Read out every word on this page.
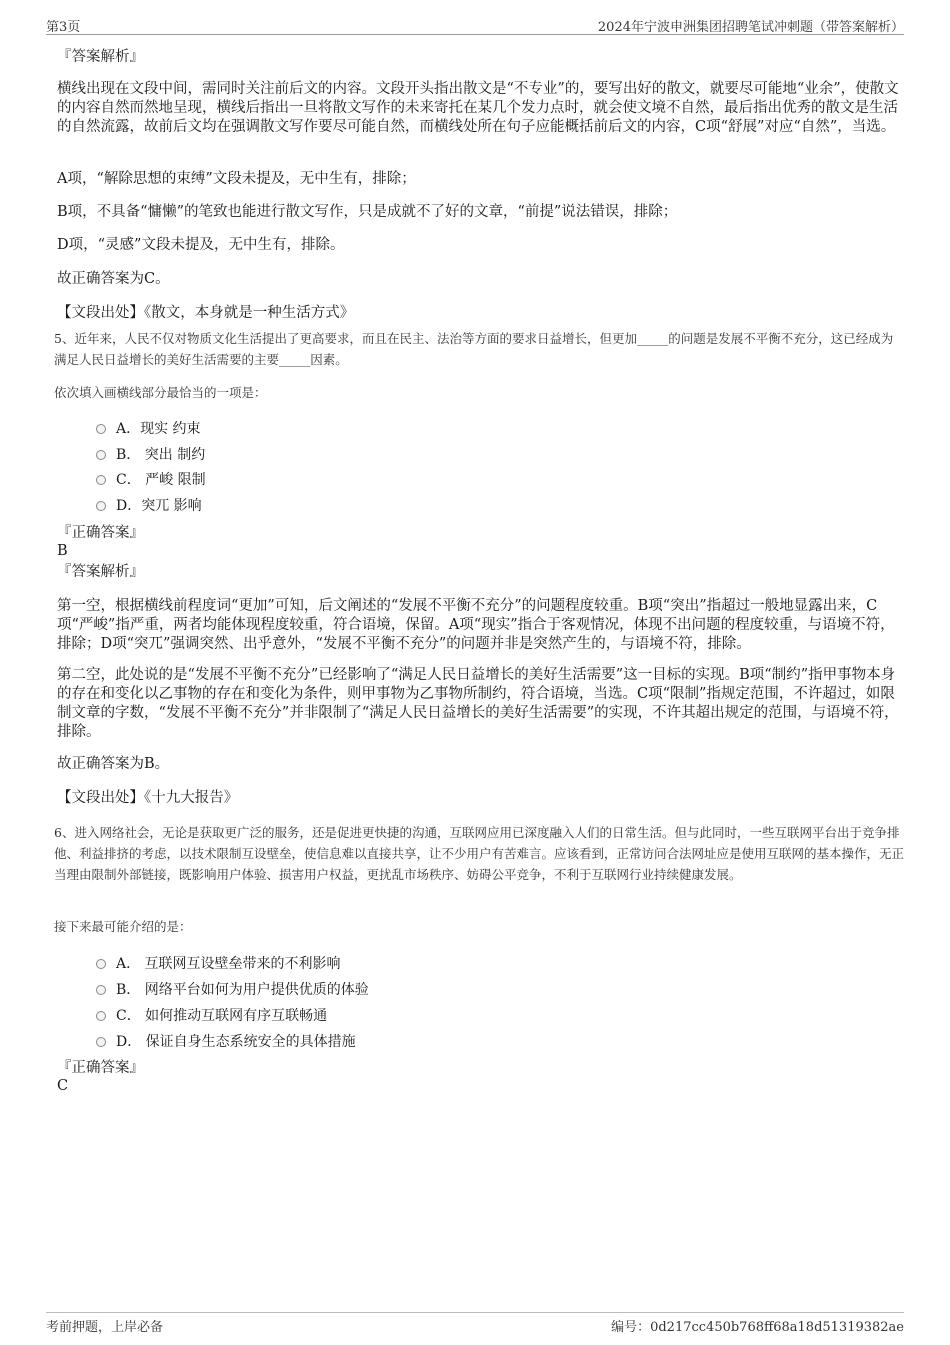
第3页	2024年宁波申洲集团招聘笔试冲刺题（带答案解析）
『答案解析』
横线出现在文段中间，需同时关注前后文的内容。文段开头指出散文是“不专业”的，要写出好的散文，就要尽可能地“业余”，使散文的内容自然而然地呈现，横线后指出一旦将散文写作的未来寄托在某几个发力点时，就会使文境不自然，最后指出优秀的散文是生活的自然流露，故前后文均在强调散文写作要尽可能自然，而横线处所在句子应能概括前后文的内容，C项“舒展”对应“自然”，当选。
A项，“解除思想的束缚”文段未提及，无中生有，排除；
B项，不具备“慵懒”的笔致也能进行散文写作，只是成就不了好的文章，“前提”说法错误，排除；
D项，“灵感”文段未提及，无中生有，排除。
故正确答案为C。
【文段出处】《散文，本身就是一种生活方式》
5、近年来，人民不仅对物质文化生活提出了更高要求，而且在民主、法治等方面的要求日益增长，但更加_____的问题是发展不平衡不充分，这已经成为满足人民日益增长的美好生活需要的主要_____因素。
依次填入画横线部分最恰当的一项是：
A．现实 约束
B． 突出 制约
C． 严峻 限制
D．突兀 影响
『正确答案』
B
『答案解析』
第一空，根据横线前程度词“更加”可知，后文阐述的“发展不平衡不充分”的问题程度较重。B项“突出”指超过一般地显露出来，C项“严峻”指严重，两者均能体现程度较重，符合语境，保留。A项“现实”指合于客观情况，体现不出问题的程度较重，与语境不符，排除；D项“突兀”强调突然、出乎意外，“发展不平衡不充分”的问题并非是突然产生的，与语境不符，排除。
第二空，此处说的是“发展不平衡不充分”已经影响了“满足人民日益增长的美好生活需要”这一目标的实现。B项“制约”指甲事物本身的存在和变化以乙事物的存在和变化为条件，则甲事物为乙事物所制约，符合语境，当选。C项“限制”指规定范围，不许超过，如限制文章的字数，“发展不平衡不充分”并非限制了“满足人民日益增长的美好生活需要”的实现，不许其超出规定的范围，与语境不符，排除。
故正确答案为B。
【文段出处】《十九大报告》
6、进入网络社会，无论是获取更广泛的服务，还是促进更快捷的沟通，互联网应用已深度融入人们的日常生活。但与此同时，一些互联网平台出于竞争排他、利益排挤的考虑，以技术限制互设壁垒，使信息难以直接共享，让不少用户有苦难言。应该看到，正常访问合法网址应是使用互联网的基本操作，无正当理由限制外部链接，既影响用户体验、损害用户权益，更扰乱市场秩序、妨碍公平竞争，不利于互联网行业持续健康发展。
接下来最可能介绍的是：
A． 互联网互设壁垒带来的不利影响
B． 网络平台如何为用户提供优质的体验
C． 如何推动互联网有序互联畅通
D． 保证自身生态系统安全的具体措施
『正确答案』
C
考前押题，上岸必备	编号：0d217cc450b768ff68a18d51319382ae
